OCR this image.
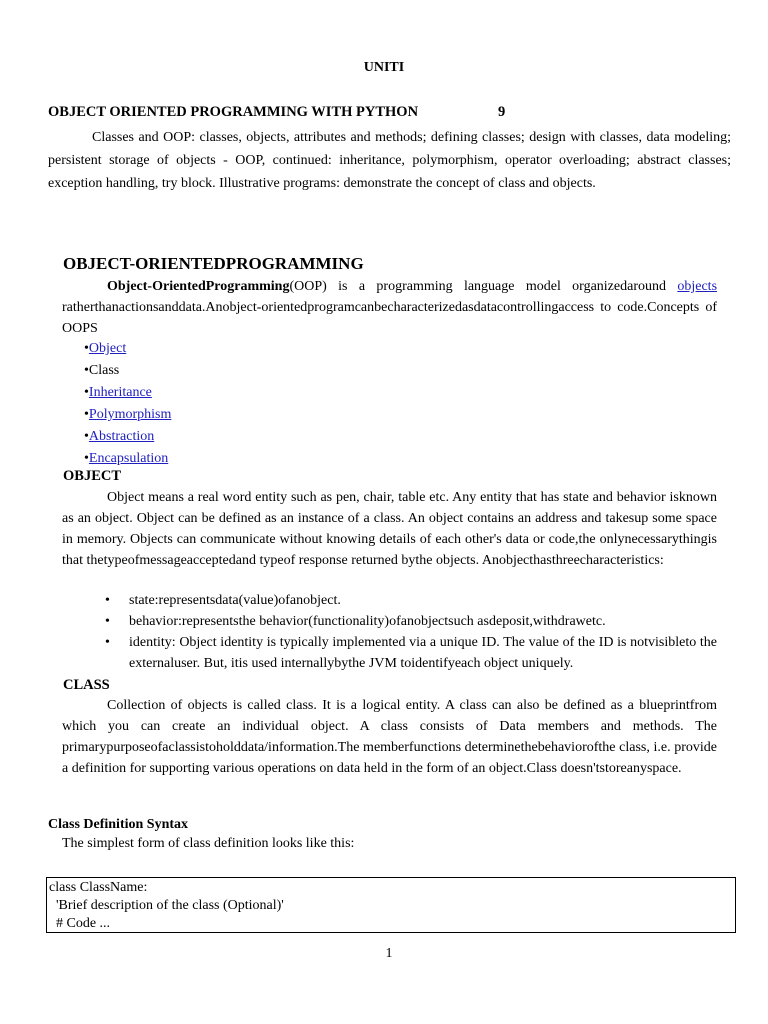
UNITI
OBJECT ORIENTED PROGRAMMING WITH PYTHON	9

Classes and OOP: classes, objects, attributes and methods; defining classes; design with classes, data modeling; persistent storage of objects - OOP, continued: inheritance, polymorphism, operator overloading; abstract classes; exception handling, try block. Illustrative programs: demonstrate the concept of class and objects.

OBJECT-ORIENTEDPROGRAMMING

Object-OrientedProgramming(OOP) is a programming language model organizedaround objects ratherthanactionsanddata.Anobject-orientedprogramcanbecharacterizedasdatacontrollingaccess to code.Concepts of OOPS

•Object
•Class
•Inheritance
•Polymorphism
•Abstraction
•Encapsulation
OBJECT

Object means a real word entity such as pen, chair, table etc. Any entity that has state and behavior isknown as an object. Object can be defined as an instance of a class. An object contains an address and takesup some space in memory. Objects can communicate without knowing details of each other's data or code,the onlynecessarythingis that thetypeofmessageacceptedand typeof response returned bythe objects. Anobjecthasthreecharacteristics:

• state:representsdata(value)ofanobject.
• behavior:representsthe behavior(functionality)ofanobjectsuch asdeposit,withdrawetc.
• identity: Object identity is typically implemented via a unique ID. The value of the ID is notvisibleto the externaluser. But, itis used internallybythe JVM toidentifyeach object uniquely.
CLASS

Collection of objects is called class. It is a logical entity. A class can also be defined as a blueprintfrom which you can create an individual object. A class consists of Data members and methods. The primarypurposeofaclassistoholddata/information.The memberfunctions determinethebehaviorofthe class, i.e. provide a definition for supporting various operations on data held in the form of an object.Class doesn'tstoreanyspace.

Class Definition Syntax
The simplest form of class definition looks like this:
class ClassName:
'Brief description of the class (Optional)'
# Code ...
1
